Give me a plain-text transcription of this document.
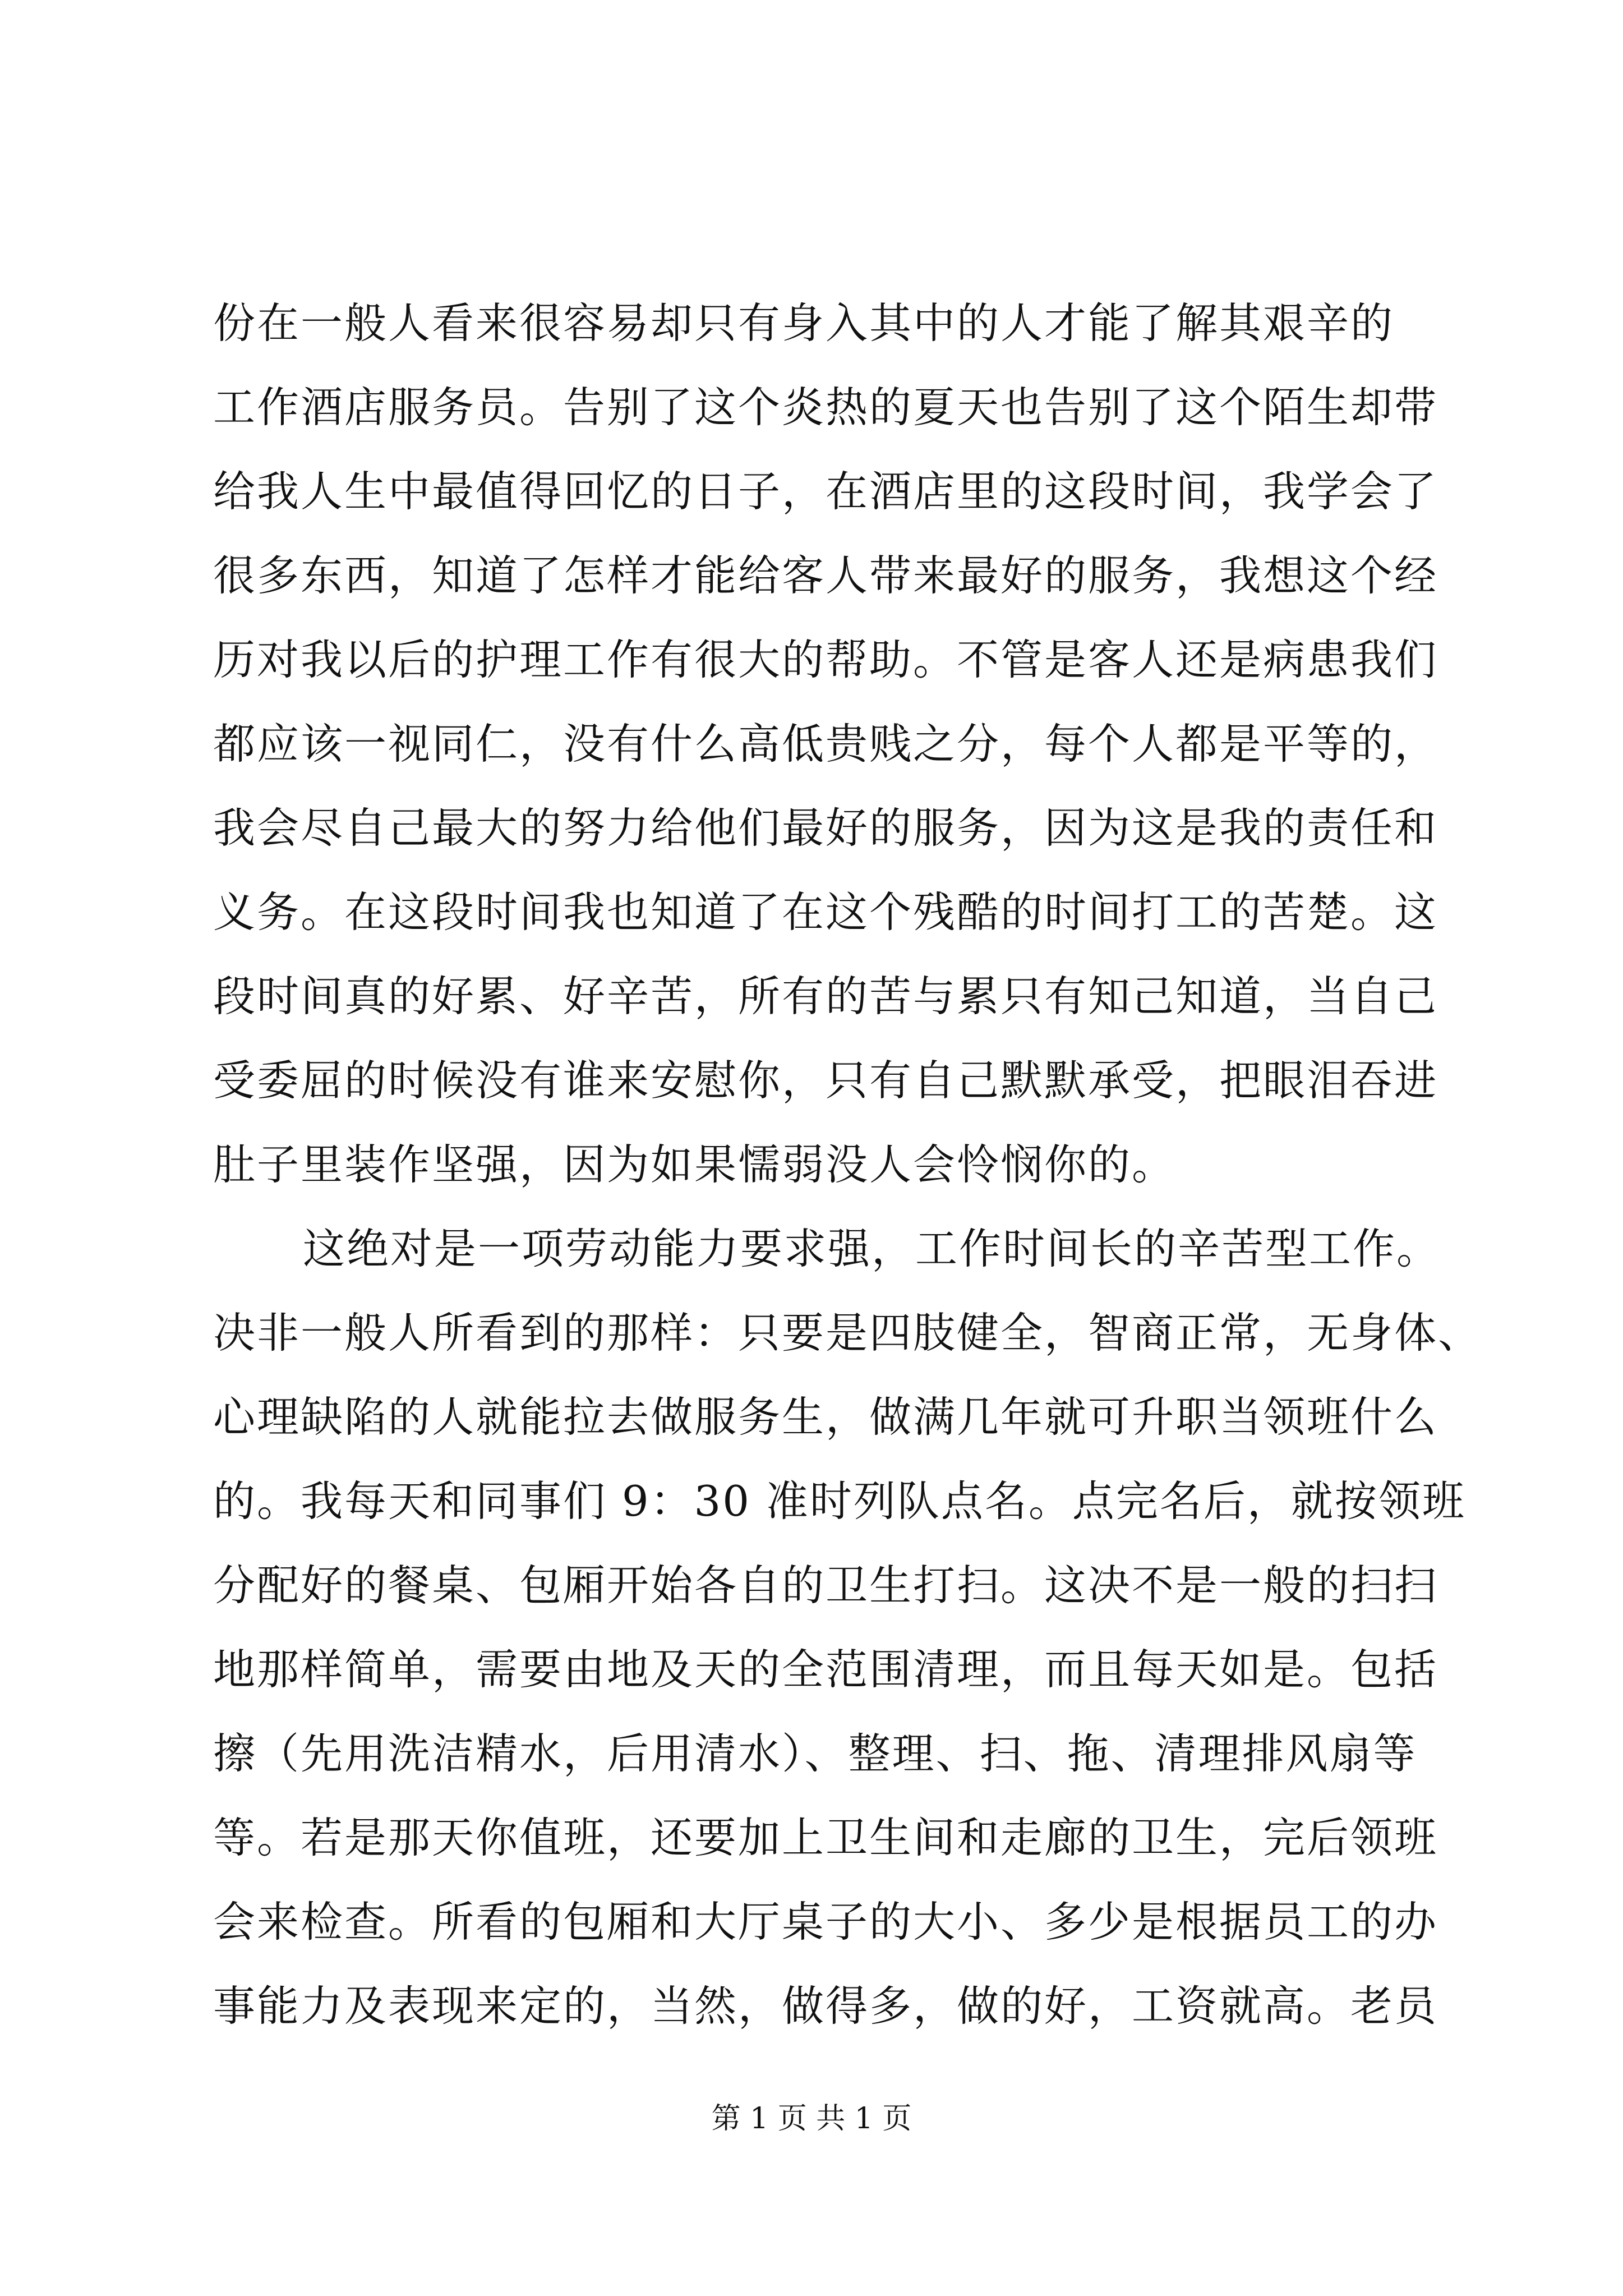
份在一般人看来很容易却只有身入其中的人才能了解其艰辛的
工作酒店服务员。告别了这个炎热的夏天也告别了这个陌生却带
给我人生中最值得回忆的日子，在酒店里的这段时间，我学会了
很多东西，知道了怎样才能给客人带来最好的服务，我想这个经
历对我以后的护理工作有很大的帮助。不管是客人还是病患我们
都应该一视同仁，没有什么高低贵贱之分，每个人都是平等的，
我会尽自己最大的努力给他们最好的服务，因为这是我的责任和
义务。在这段时间我也知道了在这个残酷的时间打工的苦楚。这
段时间真的好累、好辛苦，所有的苦与累只有知己知道，当自己
受委屈的时候没有谁来安慰你，只有自己默默承受，把眼泪吞进
肚子里装作坚强，因为如果懦弱没人会怜悯你的。
这绝对是一项劳动能力要求强，工作时间长的辛苦型工作。
决非一般人所看到的那样：只要是四肢健全，智商正常，无身体、
心理缺陷的人就能拉去做服务生，做满几年就可升职当领班什么
的。我每天和同事们 9：30 准时列队点名。点完名后，就按领班
分配好的餐桌、包厢开始各自的卫生打扫。这决不是一般的扫扫
地那样简单，需要由地及天的全范围清理，而且每天如是。包括
擦（先用洗洁精水，后用清水）、整理、扫、拖、清理排风扇等
等。若是那天你值班，还要加上卫生间和走廊的卫生，完后领班
会来检查。所看的包厢和大厅桌子的大小、多少是根据员工的办
事能力及表现来定的，当然，做得多，做的好，工资就高。老员
第 1 页 共 1 页
